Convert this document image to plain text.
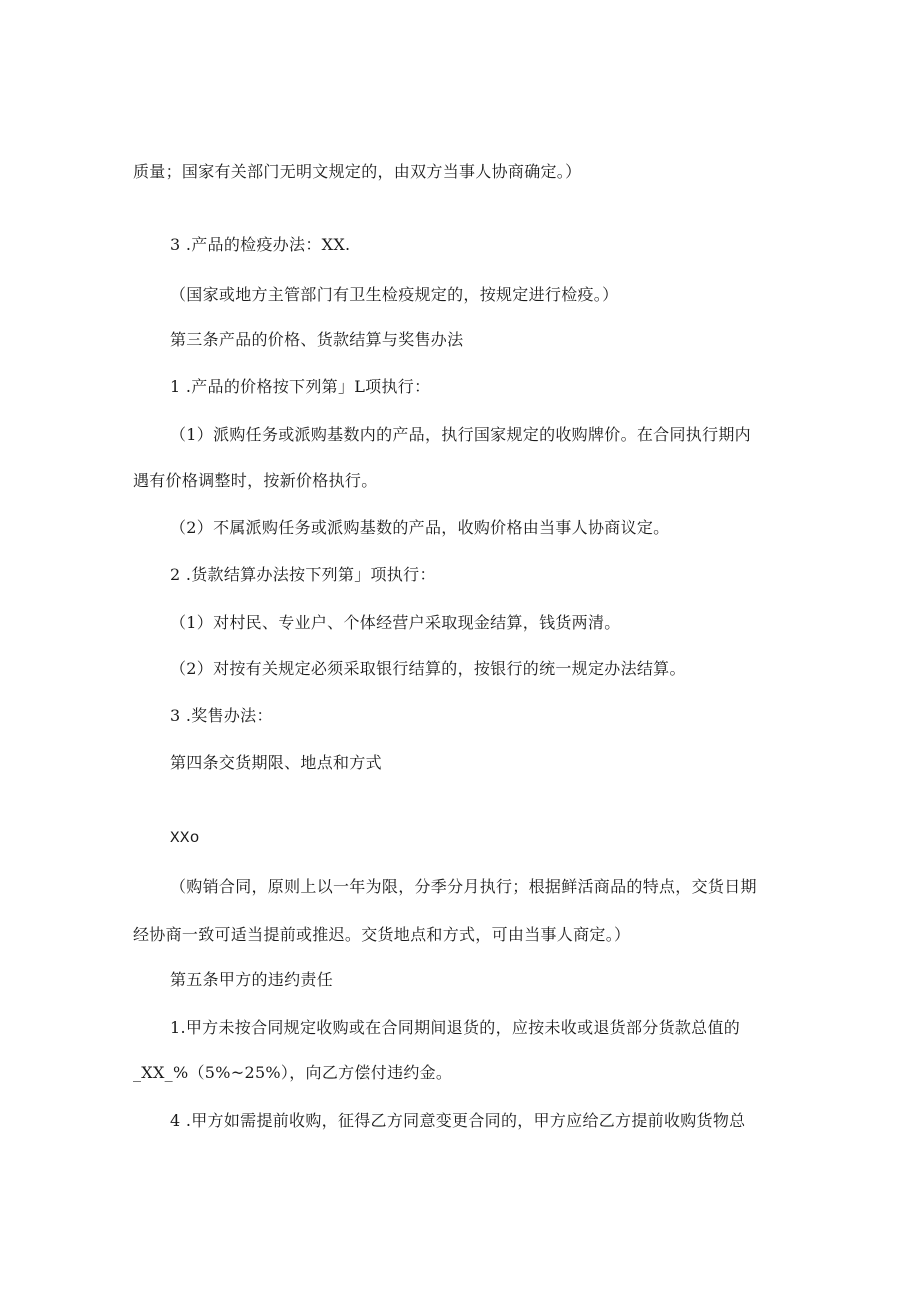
质量；国家有关部门无明文规定的，由双方当事人协商确定。）
3 .产品的检疫办法：XX.
（国家或地方主管部门有卫生检疫规定的，按规定进行检疫。）
第三条产品的价格、货款结算与奖售办法
1 .产品的价格按下列第」L项执行：
（1）派购任务或派购基数内的产品，执行国家规定的收购牌价。在合同执行期内
遇有价格调整时，按新价格执行。
（2）不属派购任务或派购基数的产品，收购价格由当事人协商议定。
2 .货款结算办法按下列第」项执行：
（1）对村民、专业户、个体经营户采取现金结算，钱货两清。
（2）对按有关规定必须采取银行结算的，按银行的统一规定办法结算。
3 .奖售办法：
第四条交货期限、地点和方式
XXo
（购销合同，原则上以一年为限，分季分月执行；根据鲜活商品的特点，交货日期
经协商一致可适当提前或推迟。交货地点和方式，可由当事人商定。）
第五条甲方的违约责任
1.甲方未按合同规定收购或在合同期间退货的，应按未收或退货部分货款总值的
_XX_%（5%~25%），向乙方偿付违约金。
4 .甲方如需提前收购，征得乙方同意变更合同的，甲方应给乙方提前收购货物总
